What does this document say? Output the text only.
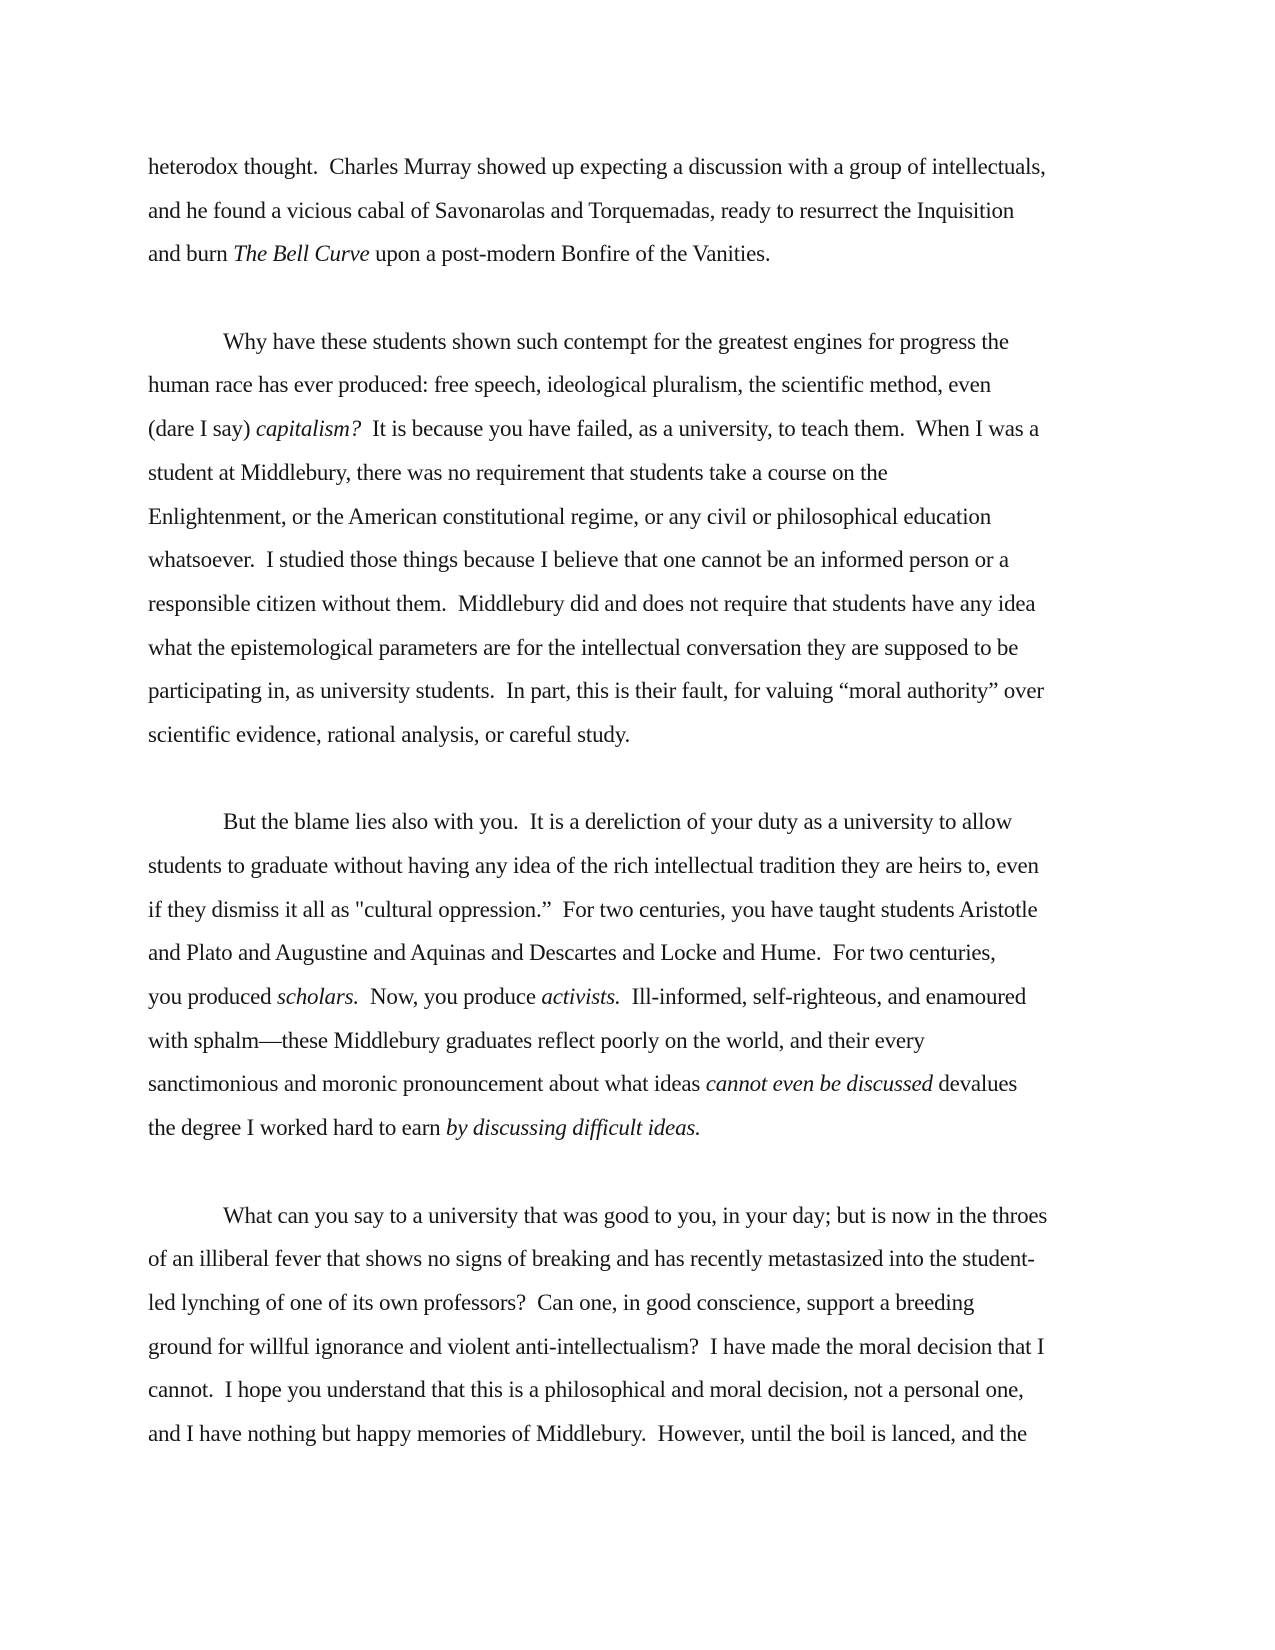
heterodox thought.  Charles Murray showed up expecting a discussion with a group of intellectuals,
and he found a vicious cabal of Savonarolas and Torquemadas, ready to resurrect the Inquisition
and burn The Bell Curve upon a post-modern Bonfire of the Vanities.
Why have these students shown such contempt for the greatest engines for progress the
human race has ever produced: free speech, ideological pluralism, the scientific method, even
(dare I say) capitalism?  It is because you have failed, as a university, to teach them.  When I was a
student at Middlebury, there was no requirement that students take a course on the
Enlightenment, or the American constitutional regime, or any civil or philosophical education
whatsoever.  I studied those things because I believe that one cannot be an informed person or a
responsible citizen without them.  Middlebury did and does not require that students have any idea
what the epistemological parameters are for the intellectual conversation they are supposed to be
participating in, as university students.  In part, this is their fault, for valuing “moral authority” over
scientific evidence, rational analysis, or careful study.
But the blame lies also with you.  It is a dereliction of your duty as a university to allow
students to graduate without having any idea of the rich intellectual tradition they are heirs to, even
if they dismiss it all as "cultural oppression.”  For two centuries, you have taught students Aristotle
and Plato and Augustine and Aquinas and Descartes and Locke and Hume.  For two centuries,
you produced scholars.  Now, you produce activists.  Ill-informed, self-righteous, and enamoured
with sphalm—these Middlebury graduates reflect poorly on the world, and their every
sanctimonious and moronic pronouncement about what ideas cannot even be discussed devalues
the degree I worked hard to earn by discussing difficult ideas.
What can you say to a university that was good to you, in your day; but is now in the throes
of an illiberal fever that shows no signs of breaking and has recently metastasized into the student-
led lynching of one of its own professors?  Can one, in good conscience, support a breeding
ground for willful ignorance and violent anti-intellectualism?  I have made the moral decision that I
cannot.  I hope you understand that this is a philosophical and moral decision, not a personal one,
and I have nothing but happy memories of Middlebury.  However, until the boil is lanced, and the
